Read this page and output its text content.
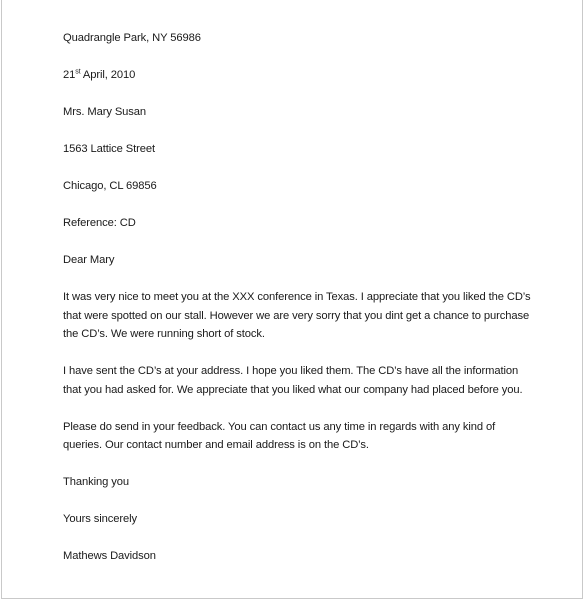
Quadrangle Park, NY 56986

21st April, 2010

Mrs. Mary Susan

1563 Lattice Street

Chicago, CL 69856

Reference: CD

Dear Mary

It was very nice to meet you at the XXX conference in Texas. I appreciate that you liked the CD’s that were spotted on our stall. However we are very sorry that you dint get a chance to purchase the CD’s. We were running short of stock.

I have sent the CD’s at your address. I hope you liked them. The CD’s have all the information that you had asked for. We appreciate that you liked what our company had placed before you.

Please do send in your feedback. You can contact us any time in regards with any kind of queries. Our contact number and email address is on the CD’s.

Thanking you

Yours sincerely

Mathews Davidson
